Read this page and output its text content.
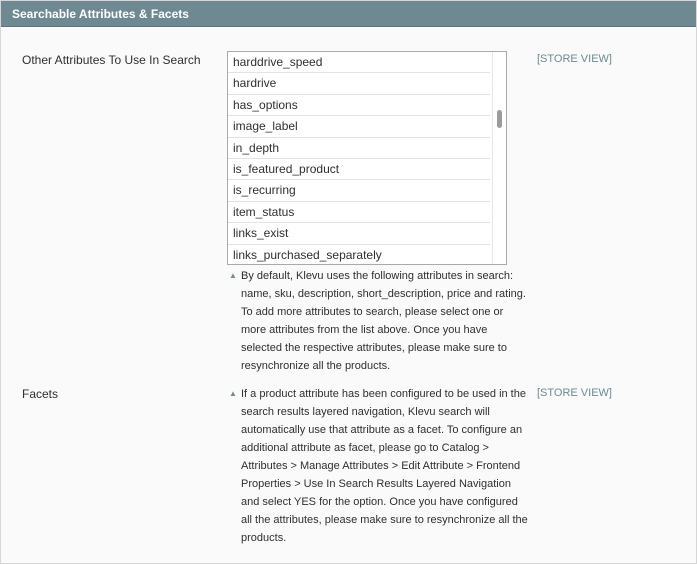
Searchable Attributes & Facets
Other Attributes To Use In Search	harddrive_speed
hardrive
has_options
image_label
in_depth
is_featured_product
is_recurring
item_status
links_exist
links_purchased_separately
[STORE VIEW]
▲ By default, Klevu uses the following attributes in search: name, sku, description, short_description, price and rating. To add more attributes to search, please select one or more attributes from the list above. Once you have selected the respective attributes, please make sure to resynchronize all the products.
Facets	[STORE VIEW]
▲ If a product attribute has been configured to be used in the search results layered navigation, Klevu search will automatically use that attribute as a facet. To configure an additional attribute as facet, please go to Catalog > Attributes > Manage Attributes > Edit Attribute > Frontend Properties > Use In Search Results Layered Navigation and select YES for the option. Once you have configured all the attributes, please make sure to resynchronize all the products.
